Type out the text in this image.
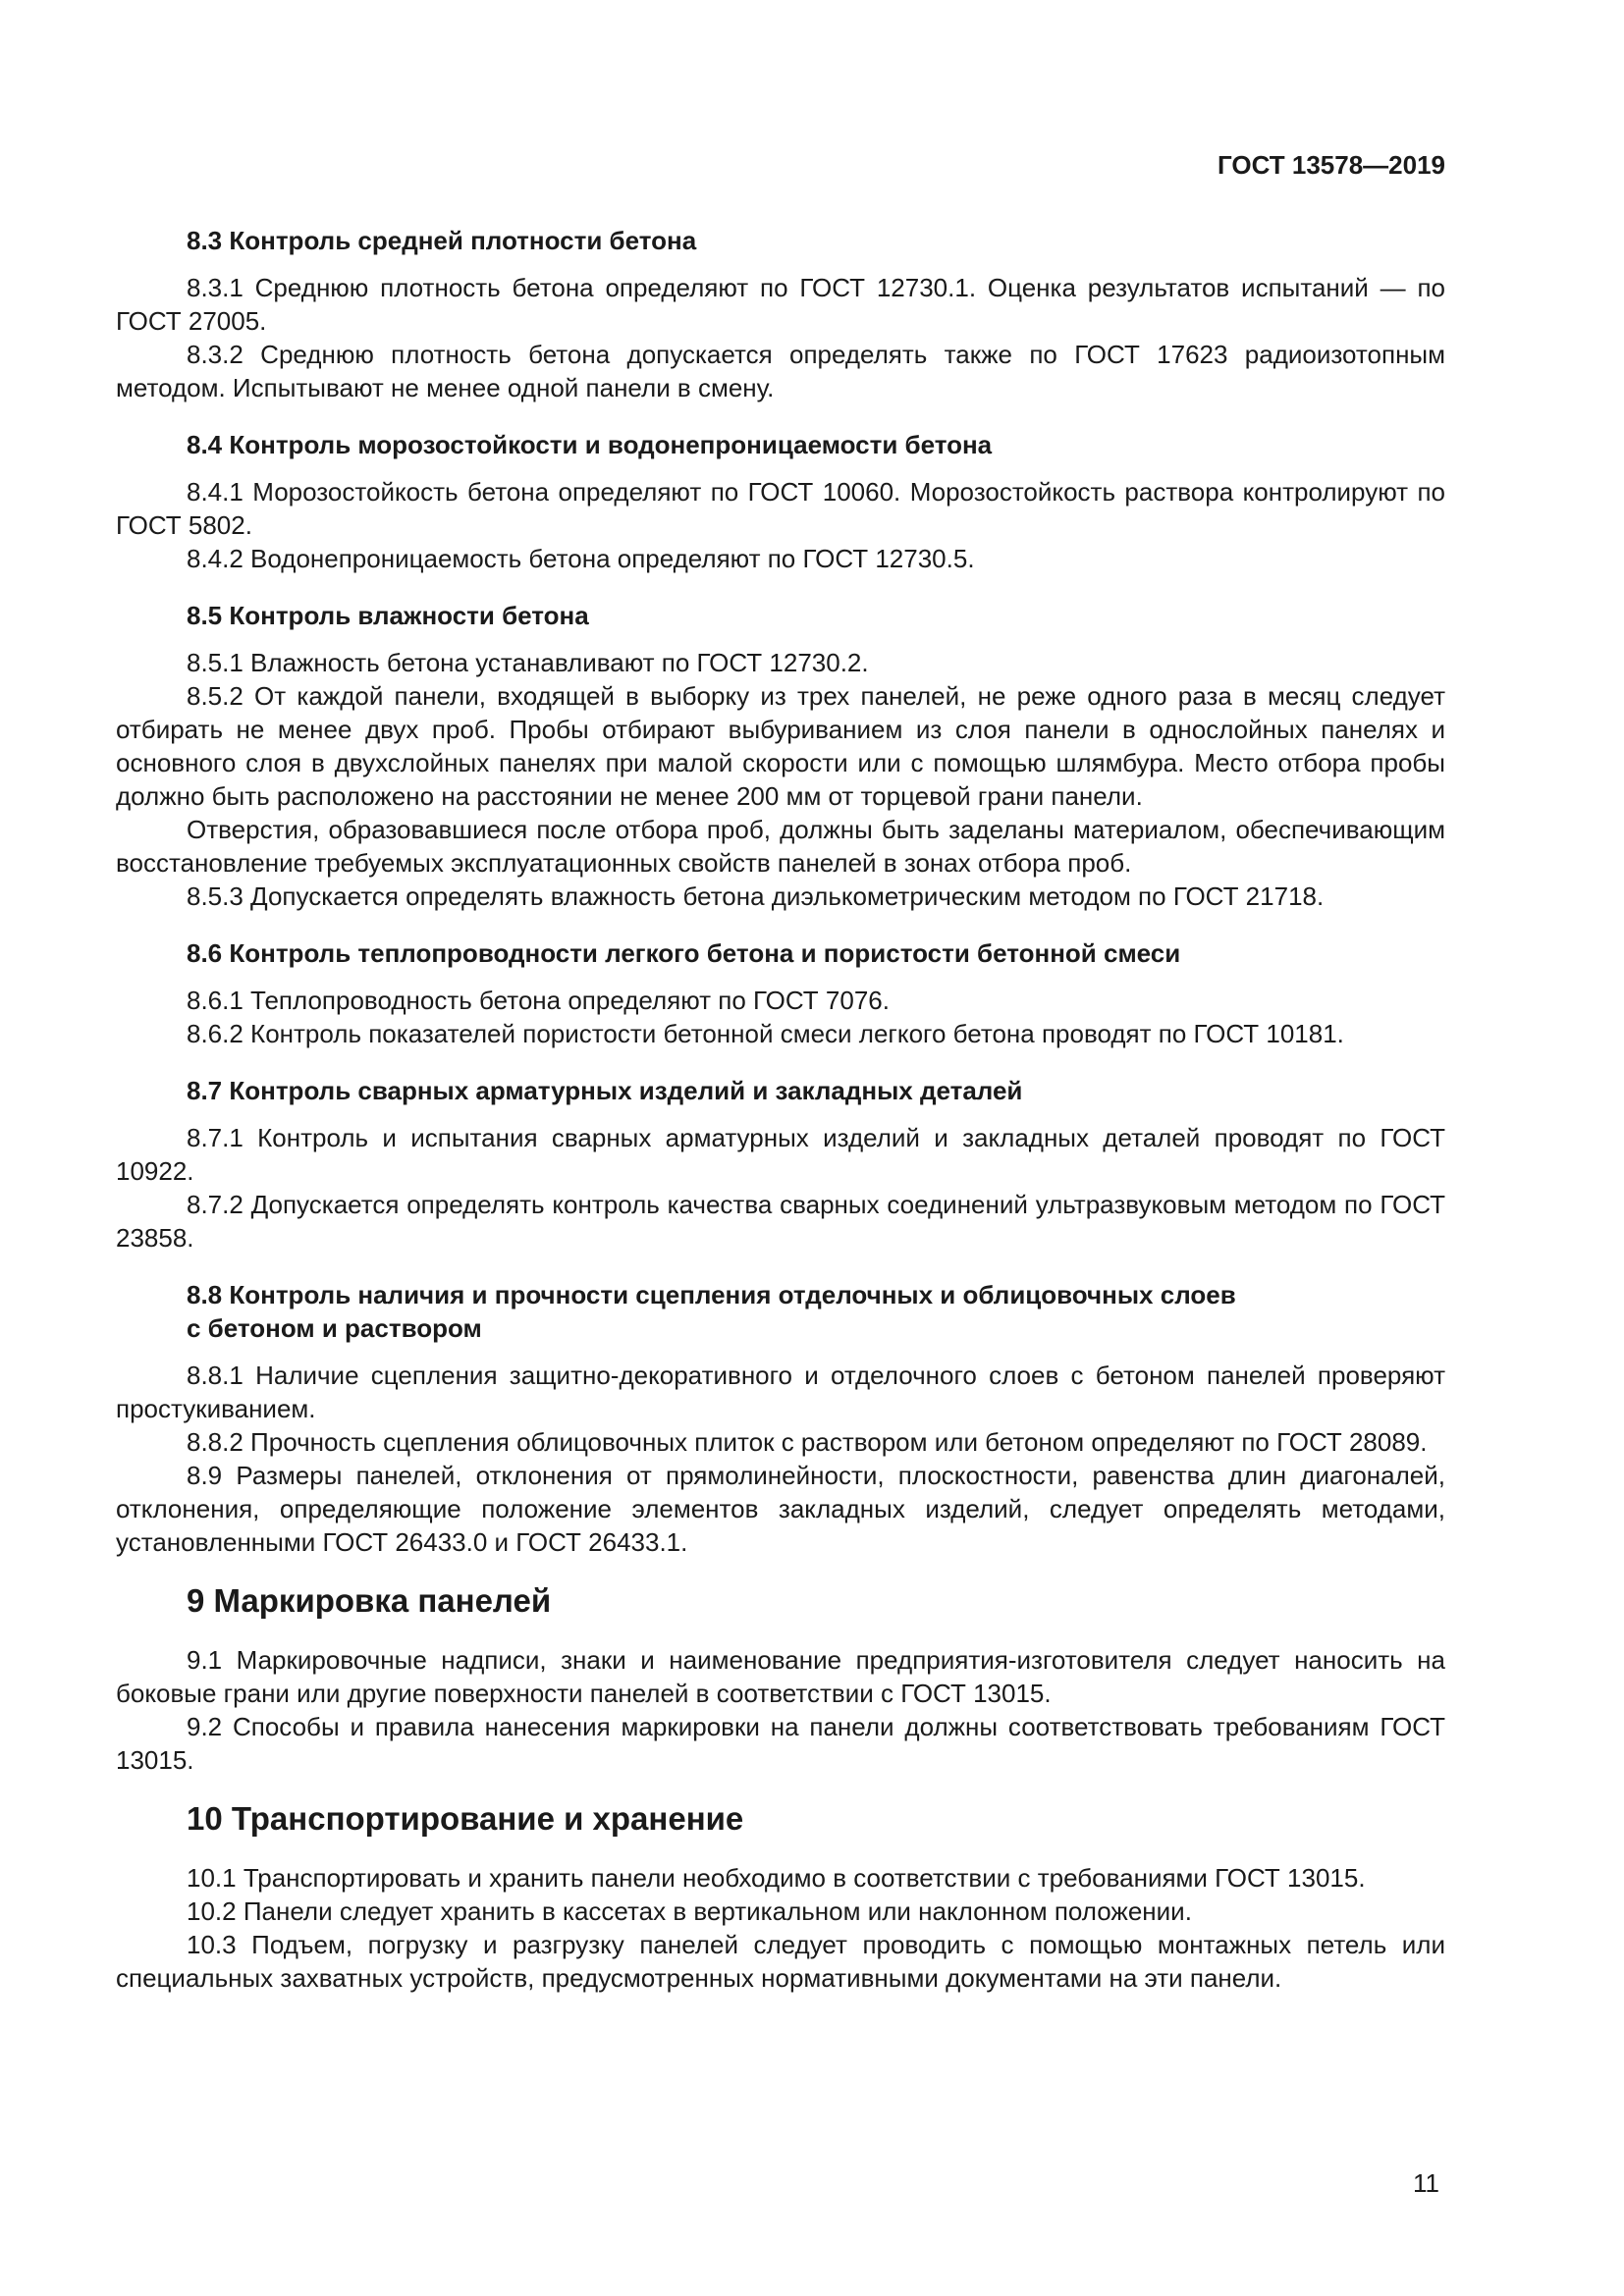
ГОСТ 13578—2019
8.3 Контроль средней плотности бетона

8.3.1 Среднюю плотность бетона определяют по ГОСТ 12730.1. Оценка результатов испытаний — по ГОСТ 27005.

8.3.2 Среднюю плотность бетона допускается определять также по ГОСТ 17623 радиоизотопным методом. Испытывают не менее одной панели в смену.

8.4 Контроль морозостойкости и водонепроницаемости бетона

8.4.1 Морозостойкость бетона определяют по ГОСТ 10060. Морозостойкость раствора контролируют по ГОСТ 5802.

8.4.2 Водонепроницаемость бетона определяют по ГОСТ 12730.5.

8.5 Контроль влажности бетона

8.5.1 Влажность бетона устанавливают по ГОСТ 12730.2.

8.5.2 От каждой панели, входящей в выборку из трех панелей, не реже одного раза в месяц следует отбирать не менее двух проб. Пробы отбирают выбуриванием из слоя панели в однослойных панелях и основного слоя в двухслойных панелях при малой скорости или с помощью шлямбура. Место отбора пробы должно быть расположено на расстоянии не менее 200 мм от торцевой грани панели.

Отверстия, образовавшиеся после отбора проб, должны быть заделаны материалом, обеспечивающим восстановление требуемых эксплуатационных свойств панелей в зонах отбора проб.

8.5.3 Допускается определять влажность бетона диэлькометрическим методом по ГОСТ 21718.

8.6 Контроль теплопроводности легкого бетона и пористости бетонной смеси

8.6.1 Теплопроводность бетона определяют по ГОСТ 7076.

8.6.2 Контроль показателей пористости бетонной смеси легкого бетона проводят по ГОСТ 10181.

8.7 Контроль сварных арматурных изделий и закладных деталей

8.7.1 Контроль и испытания сварных арматурных изделий и закладных деталей проводят по ГОСТ 10922.

8.7.2 Допускается определять контроль качества сварных соединений ультразвуковым методом по ГОСТ 23858.

8.8 Контроль наличия и прочности сцепления отделочных и облицовочных слоев
с бетоном и раствором

8.8.1 Наличие сцепления защитно-декоративного и отделочного слоев с бетоном панелей проверяют простукиванием.

8.8.2 Прочность сцепления облицовочных плиток с раствором или бетоном определяют по ГОСТ 28089.

8.9 Размеры панелей, отклонения от прямолинейности, плоскостности, равенства длин диагоналей, отклонения, определяющие положение элементов закладных изделий, следует определять методами, установленными ГОСТ 26433.0 и ГОСТ 26433.1.

9 Маркировка панелей

9.1 Маркировочные надписи, знаки и наименование предприятия-изготовителя следует наносить на боковые грани или другие поверхности панелей в соответствии с ГОСТ 13015.

9.2 Способы и правила нанесения маркировки на панели должны соответствовать требованиям ГОСТ 13015.

10 Транспортирование и хранение

10.1 Транспортировать и хранить панели необходимо в соответствии с требованиями ГОСТ 13015.

10.2 Панели следует хранить в кассетах в вертикальном или наклонном положении.

10.3 Подъем, погрузку и разгрузку панелей следует проводить с помощью монтажных петель или специальных захватных устройств, предусмотренных нормативными документами на эти панели.

11
